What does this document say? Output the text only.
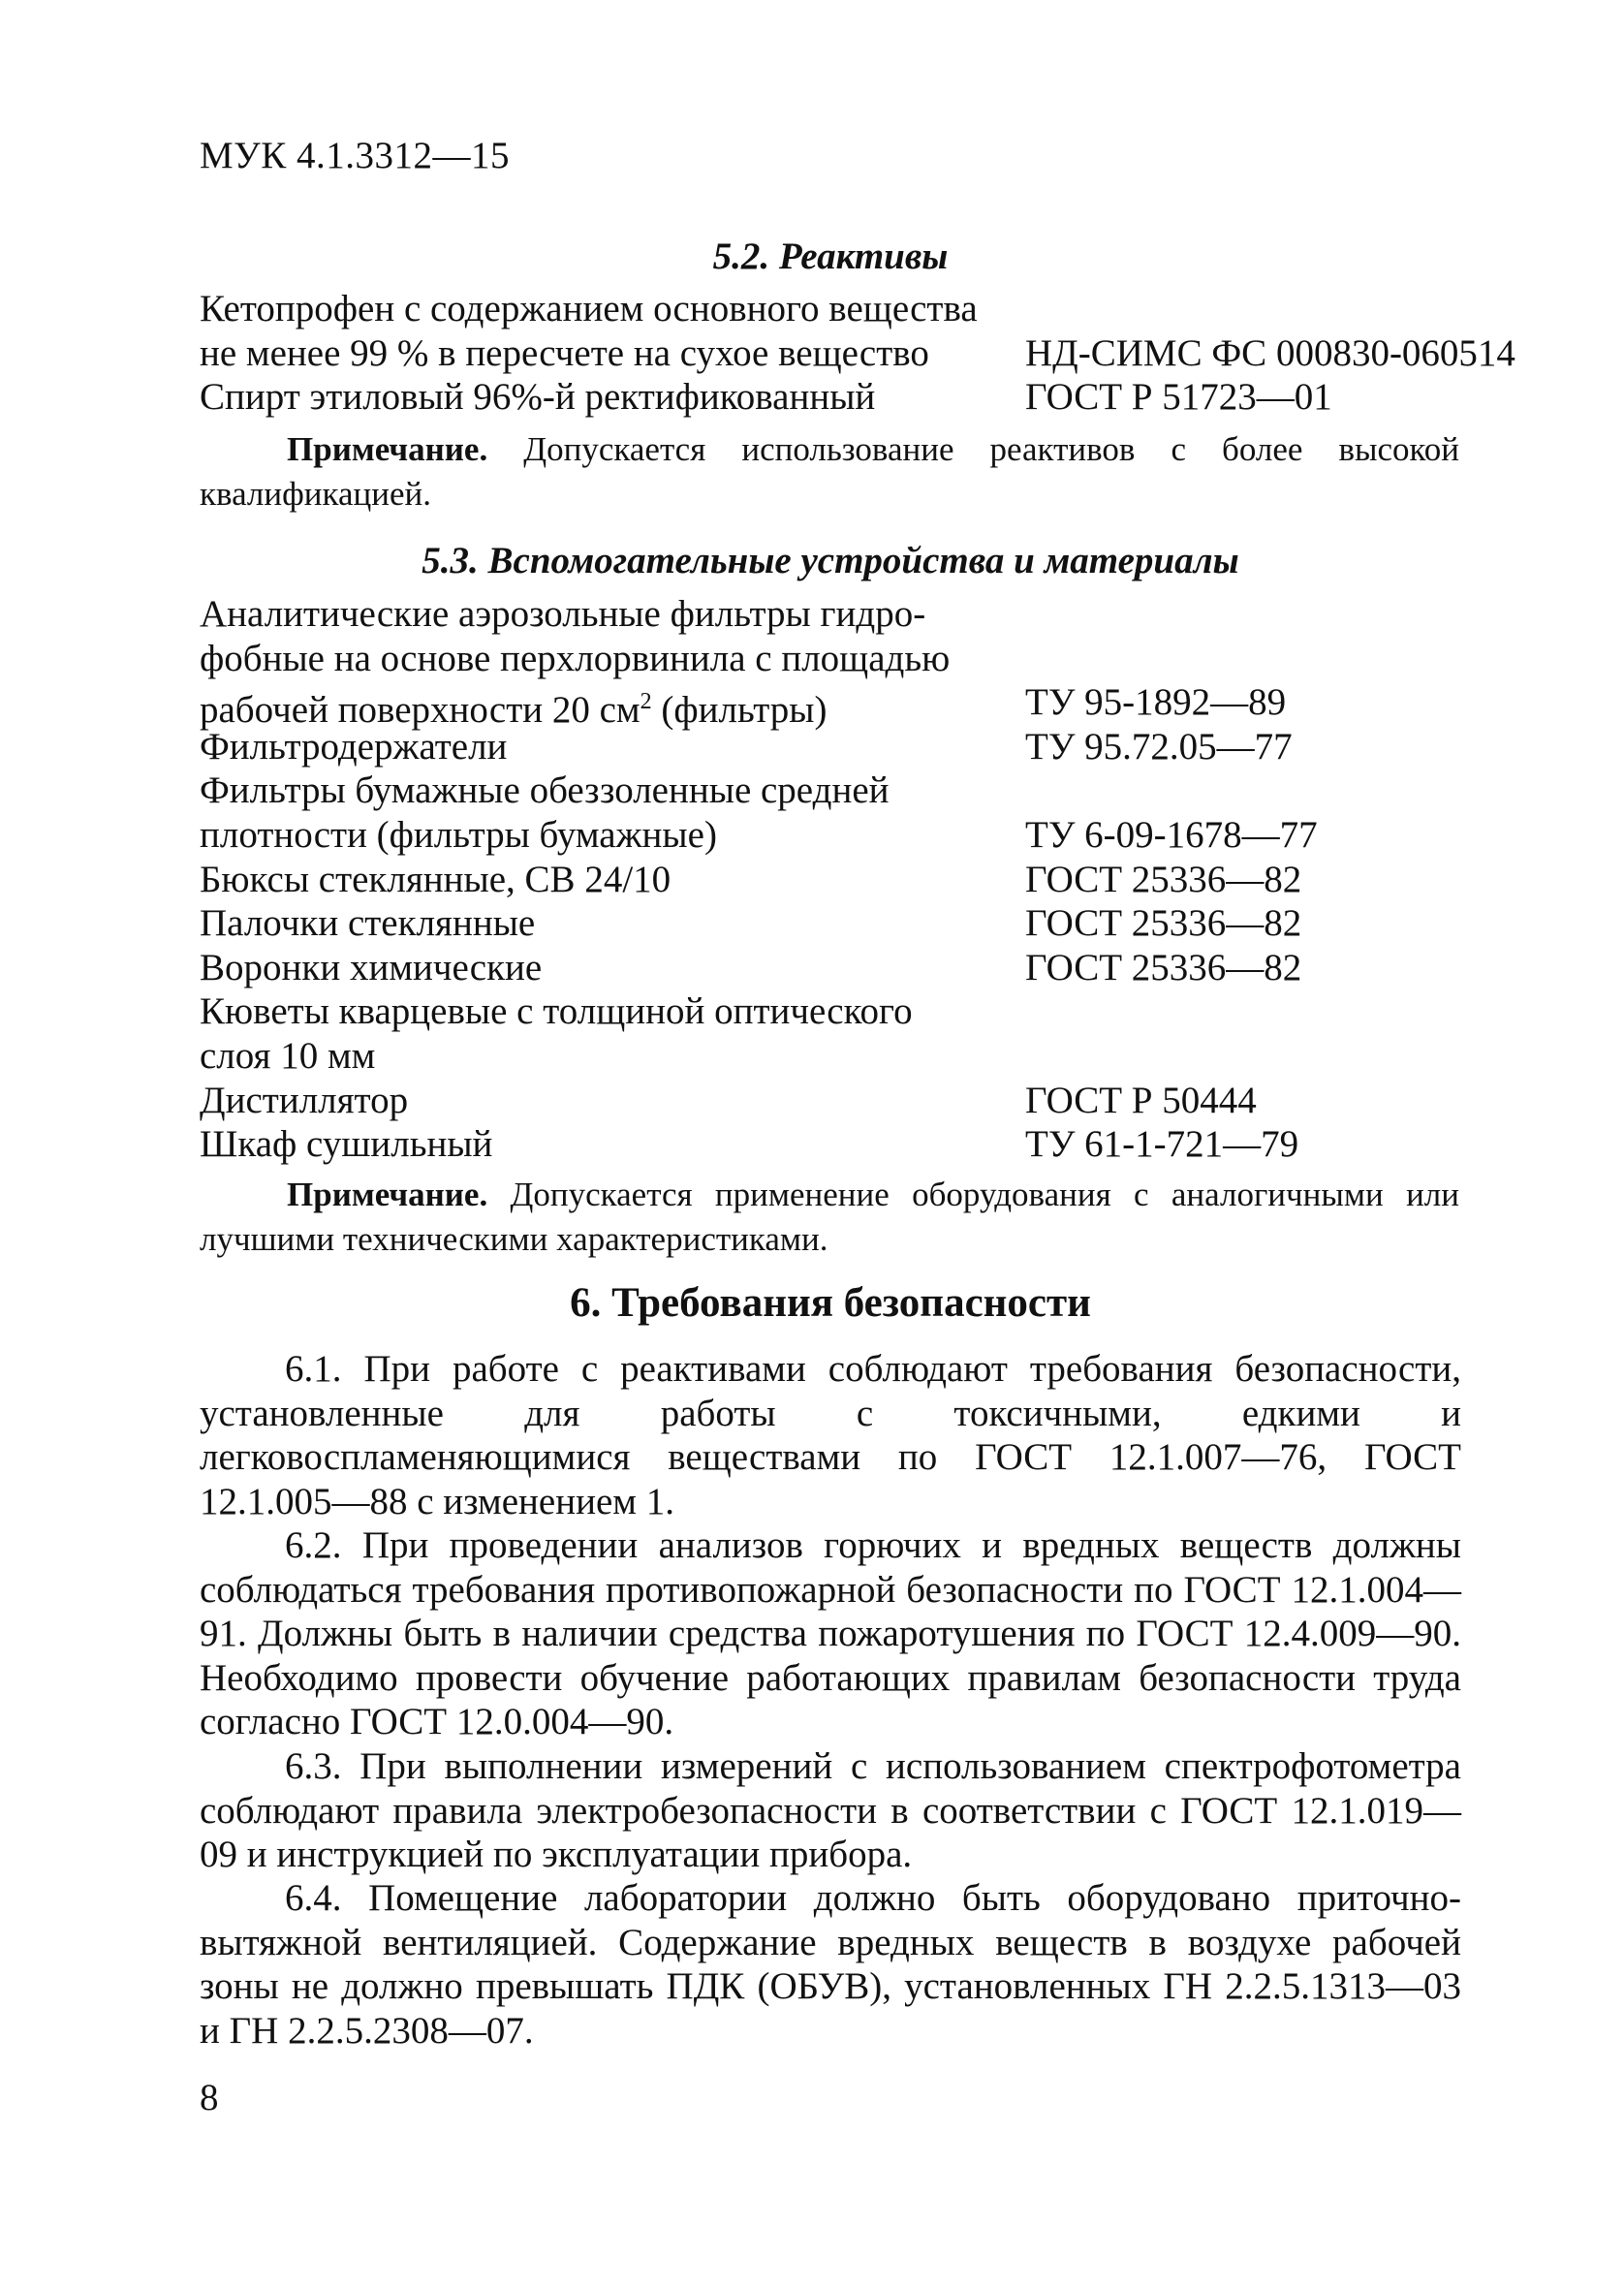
МУК 4.1.3312—15
5.2. Реактивы
Кетопрофен с содержанием основного вещества
не менее 99 % в пересчете на сухое вещество	НД-СИМС ФС 000830-060514
Спирт этиловый 96%-й ректификованный	ГОСТ Р 51723—01
Примечание. Допускается использование реактивов с более высокой квалификацией.
5.3. Вспомогательные устройства и материалы
Аналитические аэрозольные фильтры гидро-
фобные на основе перхлорвинила с площадью
рабочей поверхности 20 $см^2$ (фильтры)	ТУ 95-1892—89
Фильтродержатели	ТУ 95.72.05—77
Фильтры бумажные обеззоленные средней
плотности (фильтры бумажные)	ТУ 6-09-1678—77
Бюксы стеклянные, СВ 24/10	ГОСТ 25336—82
Палочки стеклянные	ГОСТ 25336—82
Воронки химические	ГОСТ 25336—82
Кюветы кварцевые с толщиной оптического
слоя 10 мм
Дистиллятор	ГОСТ Р 50444
Шкаф сушильный	ТУ 61-1-721—79
Примечание. Допускается применение оборудования с аналогичными или лучшими техническими характеристиками.
6. Требования безопасности

6.1. При работе с реактивами соблюдают требования безопасности, установленные для работы с токсичными, едкими и легковоспламеняющимися веществами по ГОСТ 12.1.007—76, ГОСТ 12.1.005—88 с изменением 1.

6.2. При проведении анализов горючих и вредных веществ должны соблюдаться требования противопожарной безопасности по ГОСТ 12.1.004—91. Должны быть в наличии средства пожаротушения по ГОСТ 12.4.009—90. Необходимо провести обучение работающих правилам безопасности труда согласно ГОСТ 12.0.004—90.

6.3. При выполнении измерений с использованием спектрофотометра соблюдают правила электробезопасности в соответствии с ГОСТ 12.1.019—09 и инструкцией по эксплуатации прибора.

6.4. Помещение лаборатории должно быть оборудовано приточно-вытяжной вентиляцией. Содержание вредных веществ в воздухе рабочей зоны не должно превышать ПДК (ОБУВ), установленных ГН 2.2.5.1313—03 и ГН 2.2.5.2308—07.

8
